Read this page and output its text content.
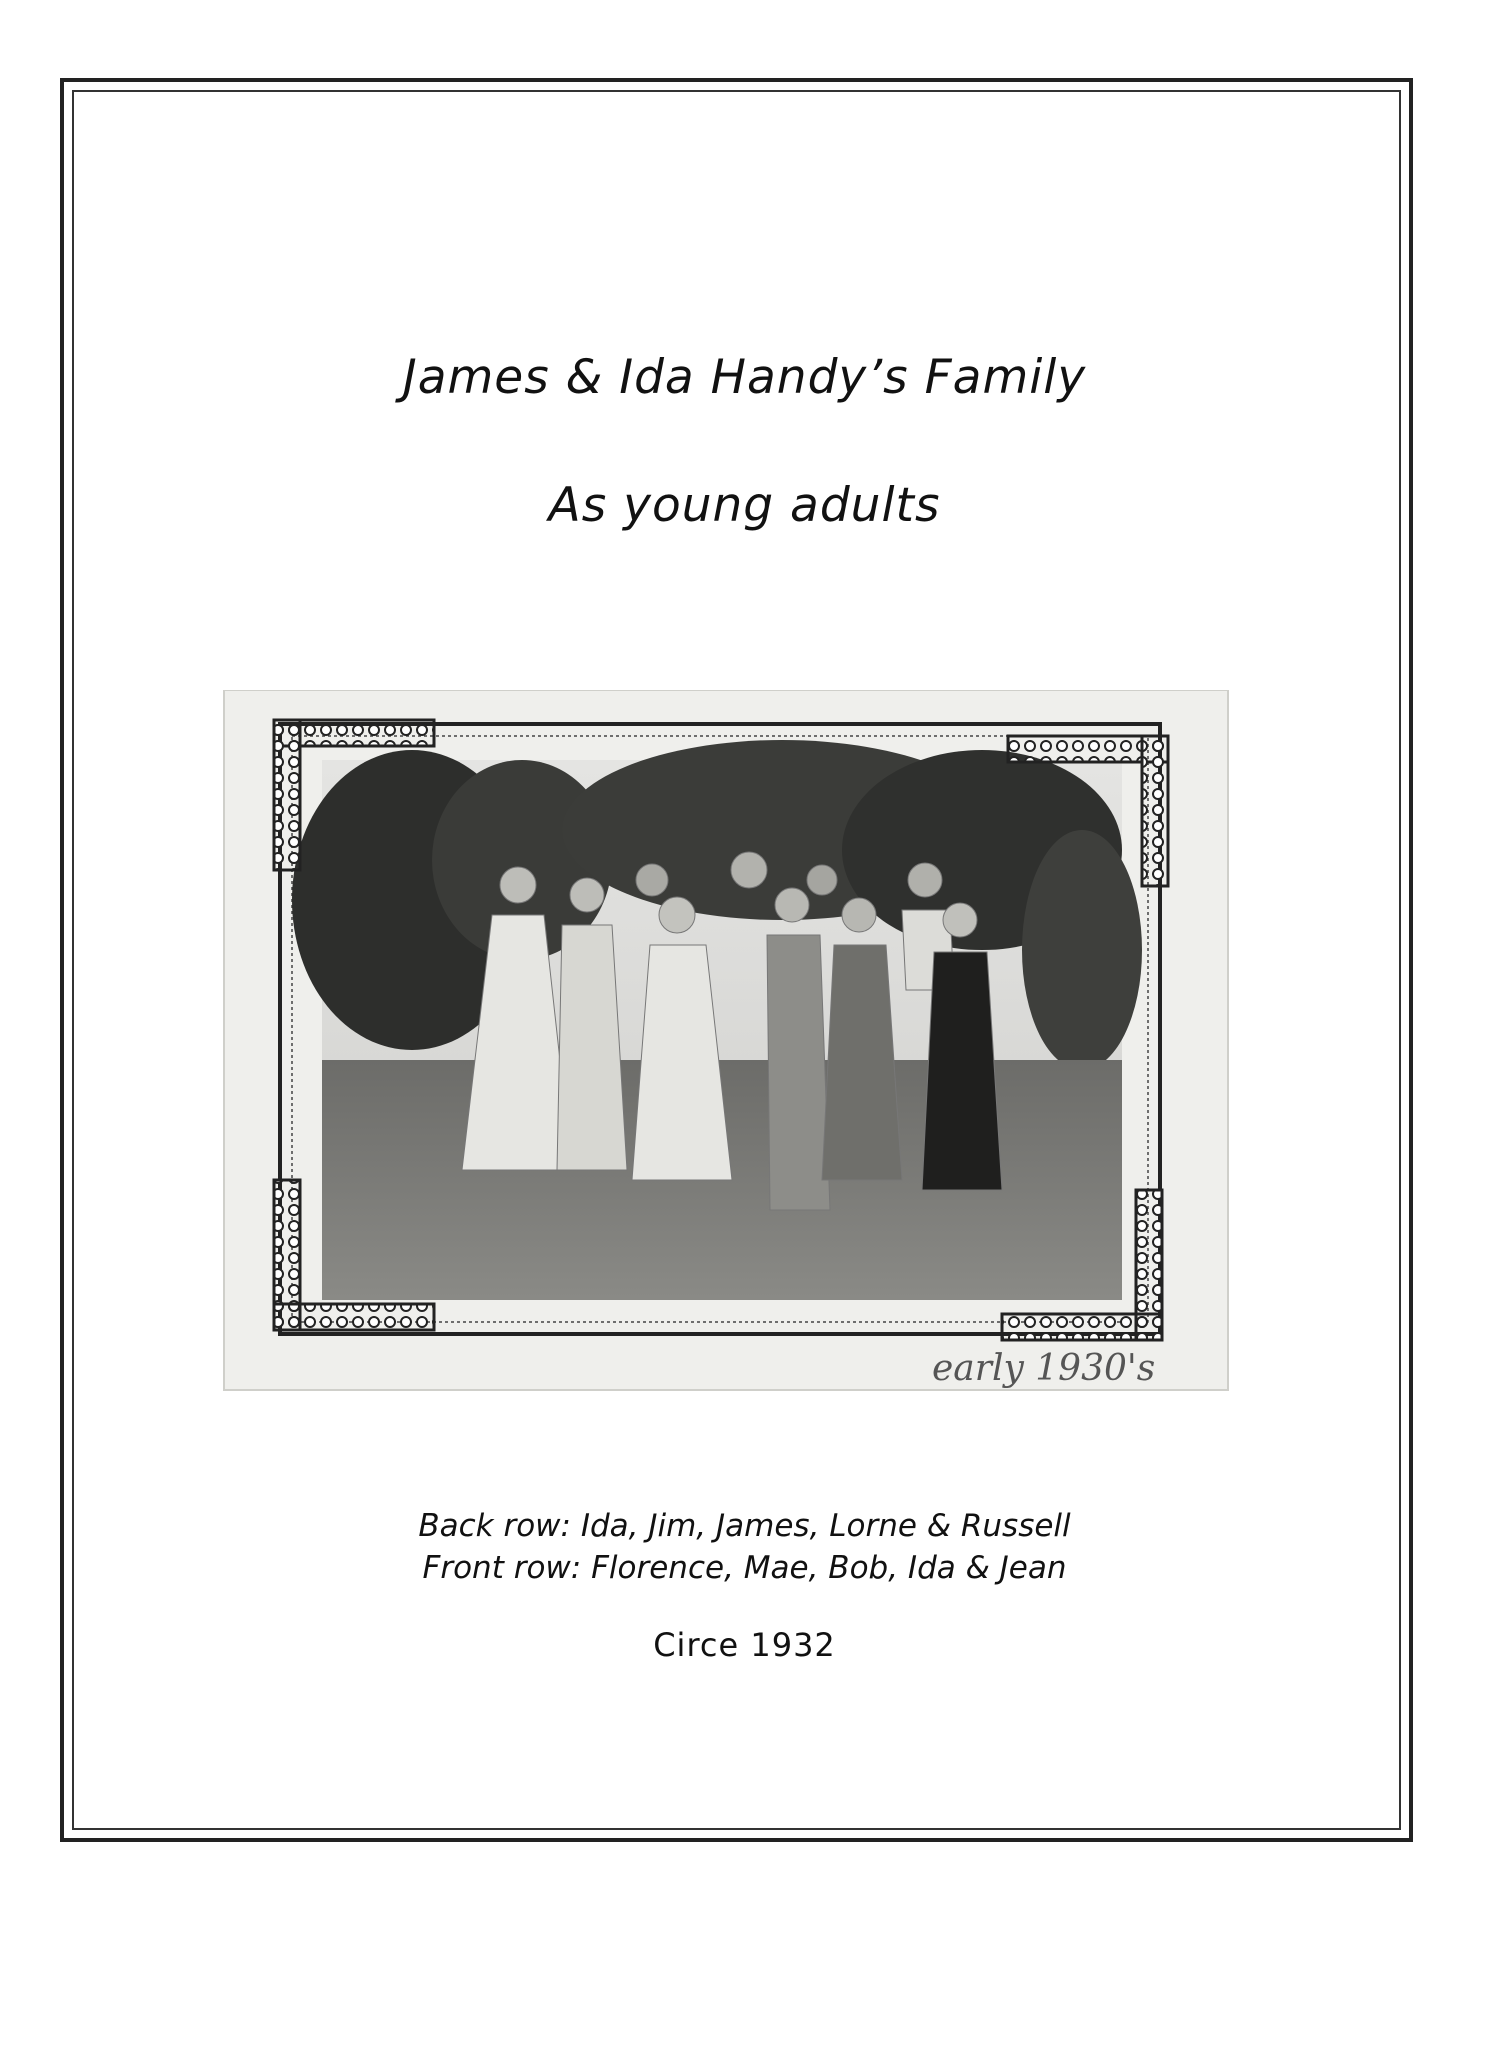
James & Ida Handy’s Family
As young adults
early 1930's
Back row: Ida, Jim, James, Lorne & Russell
Front row: Florence, Mae, Bob, Ida & Jean
Circe 1932
